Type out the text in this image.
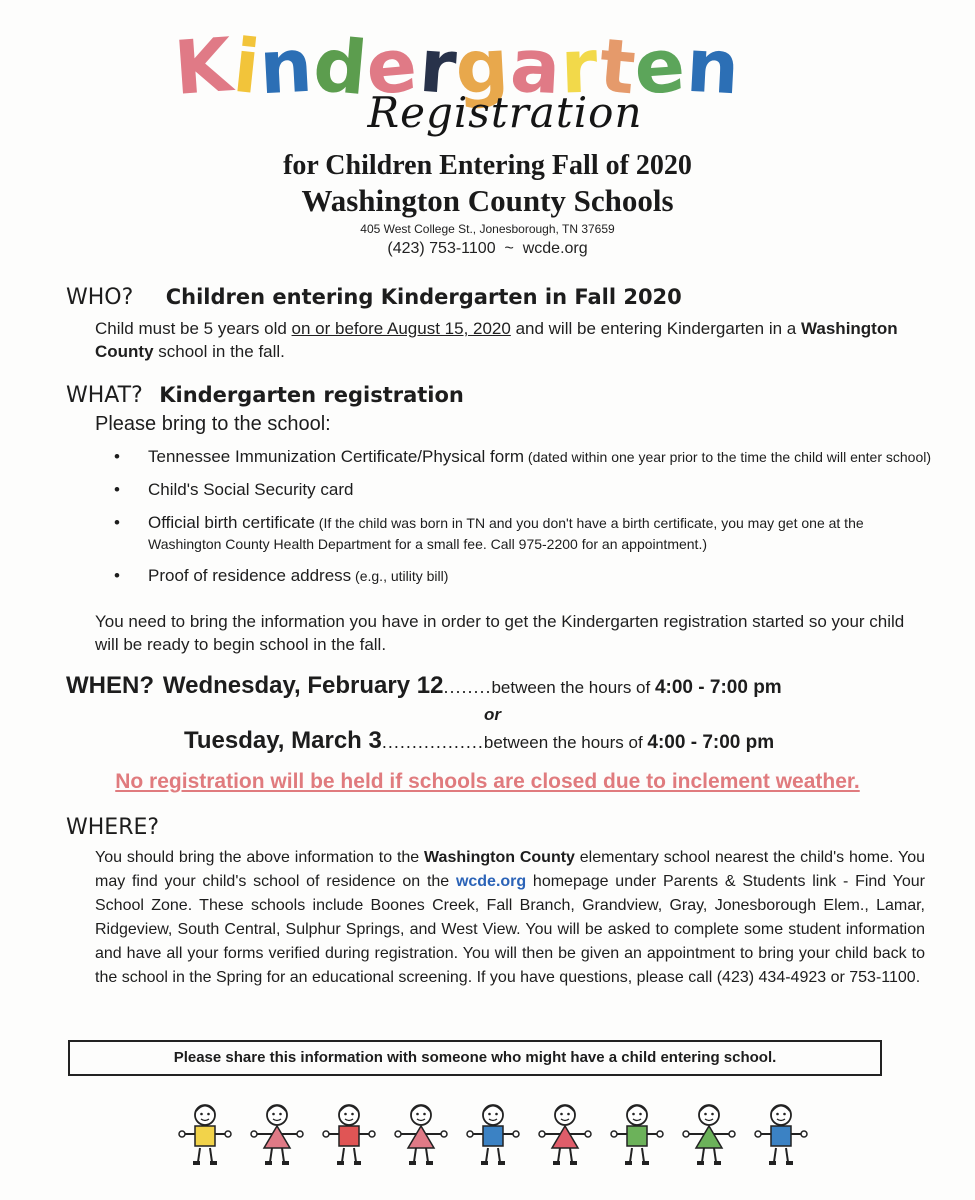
Kindergarten
Registration
for Children Entering Fall of 2020
Washington County Schools
405 West College St., Jonesborough, TN 37659
(423) 753-1100 ~ wcde.org
WHO? Children entering Kindergarten in Fall 2020
Child must be 5 years old on or before August 15, 2020 and will be entering Kindergarten in a Washington County school in the fall.
WHAT? Kindergarten registration
Please bring to the school:
• Tennessee Immunization Certificate/Physical form (dated within one year prior to the time the child will enter school)
• Child's Social Security card
• Official birth certificate (If the child was born in TN and you don't have a birth certificate, you may get one at the Washington County Health Department for a small fee. Call 975-2200 for an appointment.)
• Proof of residence address (e.g., utility bill)
You need to bring the information you have in order to get the Kindergarten registration started so your child will be ready to begin school in the fall.
WHEN? Wednesday, February 12........between the hours of 4:00 - 7:00 pm
or
Tuesday, March 3.................between the hours of 4:00 - 7:00 pm
No registration will be held if schools are closed due to inclement weather.
WHERE?
You should bring the above information to the Washington County elementary school nearest the child's home. You may find your child's school of residence on the wcde.org homepage under Parents & Students link - Find Your School Zone. These schools include Boones Creek, Fall Branch, Grandview, Gray, Jonesborough Elem., Lamar, Ridgeview, South Central, Sulphur Springs, and West View. You will be asked to complete some student information and have all your forms verified during registration. You will then be given an appointment to bring your child back to the school in the Spring for an educational screening. If you have questions, please call (423) 434-4923 or 753-1100.
Please share this information with someone who might have a child entering school.
